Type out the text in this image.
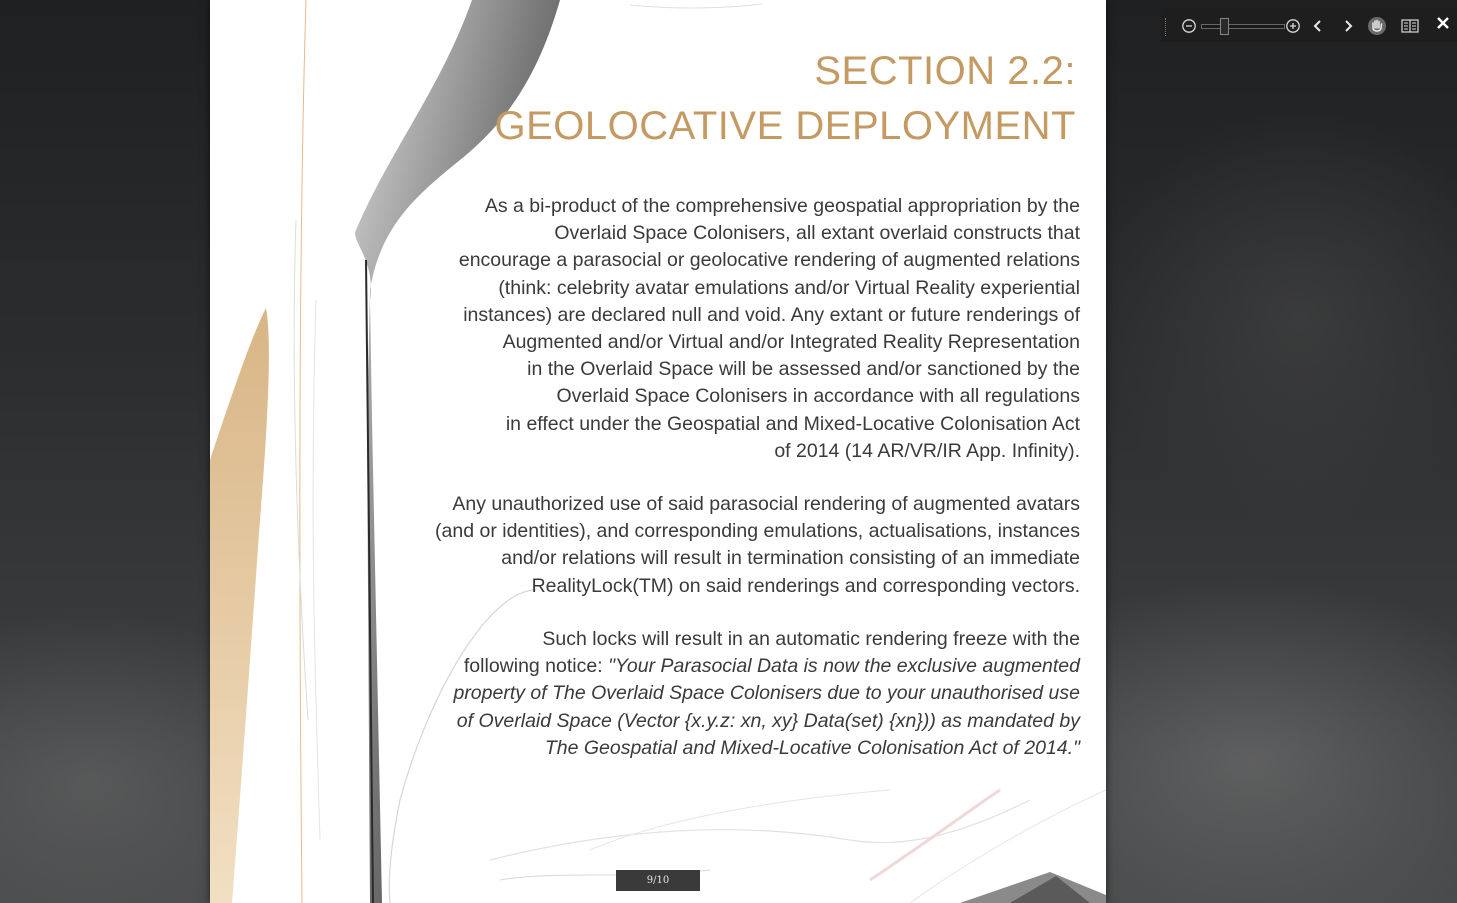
SECTION 2.2:
GEOLOCATIVE DEPLOYMENT
As a bi-product of the comprehensive geospatial appropriation by the
Overlaid Space Colonisers, all extant overlaid constructs that
encourage a parasocial or geolocative rendering of augmented relations
(think: celebrity avatar emulations and/or Virtual Reality experiential
instances) are declared null and void. Any extant or future renderings of
Augmented and/or Virtual and/or Integrated Reality Representation
in the Overlaid Space will be assessed and/or sanctioned by the
Overlaid Space Colonisers in accordance with all regulations
in effect under the Geospatial and Mixed-Locative Colonisation Act
of 2014 (14 AR/VR/IR App. Infinity).
Any unauthorized use of said parasocial rendering of augmented avatars
(and or identities), and corresponding emulations, actualisations, instances
and/or relations will result in termination consisting of an immediate
RealityLock(TM) on said renderings and corresponding vectors.
Such locks will result in an automatic rendering freeze with the
following notice: "Your Parasocial Data is now the exclusive augmented
property of The Overlaid Space Colonisers due to your unauthorised use
of Overlaid Space (Vector {x.y.z: xn, xy} Data(set) {xn})) as mandated by
The Geospatial and Mixed-Locative Colonisation Act of 2014."
9/10
